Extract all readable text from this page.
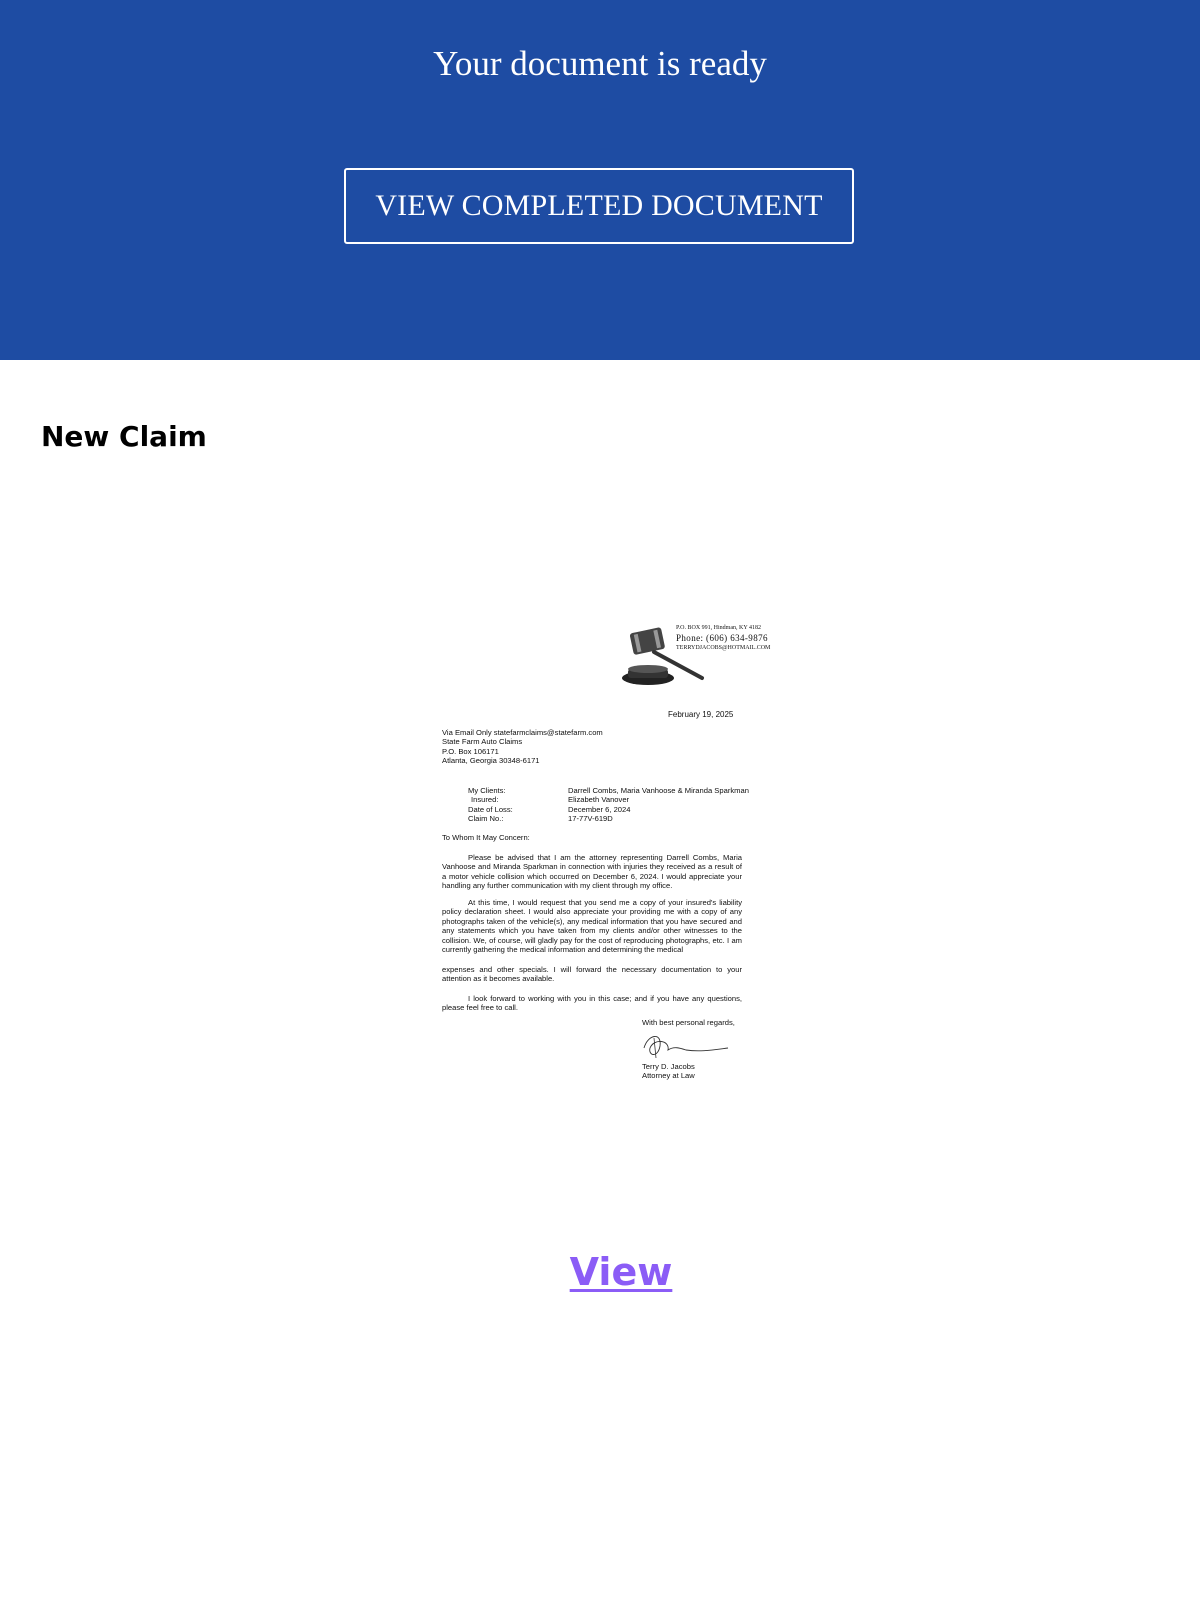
Your document is ready
VIEW COMPLETED DOCUMENT
New Claim
P.O. BOX 991, Hindman, KY 4182
Phone: (606) 634-9876
TERRYDJACOBS@HOTMAIL.COM
February 19, 2025
Via Email Only statefarmclaims@statefarm.com
State Farm Auto Claims
P.O. Box 106171
Atlanta, Georgia 30348-6171
My Clients:	Darrell Combs, Maria Vanhoose & Miranda Sparkman
Insured:	Elizabeth Vanover
Date of Loss:	December 6, 2024
Claim No.:	17-77V-619D
To Whom It May Concern:
Please be advised that I am the attorney representing Darrell Combs, Maria Vanhoose and Miranda Sparkman in connection with injuries they received as a result of a motor vehicle collision which occurred on December 6, 2024. I would appreciate your handling any further communication with my client through my office.
At this time, I would request that you send me a copy of your insured's liability policy declaration sheet. I would also appreciate your providing me with a copy of any photographs taken of the vehicle(s), any medical information that you have secured and any statements which you have taken from my clients and/or other witnesses to the collision. We, of course, will gladly pay for the cost of reproducing photographs, etc. I am currently gathering the medical information and determining the medical
expenses and other specials. I will forward the necessary documentation to your attention as it becomes available.
I look forward to working with you in this case; and if you have any questions, please feel free to call.
With best personal regards,
Terry D. Jacobs
Attorney at Law
View
